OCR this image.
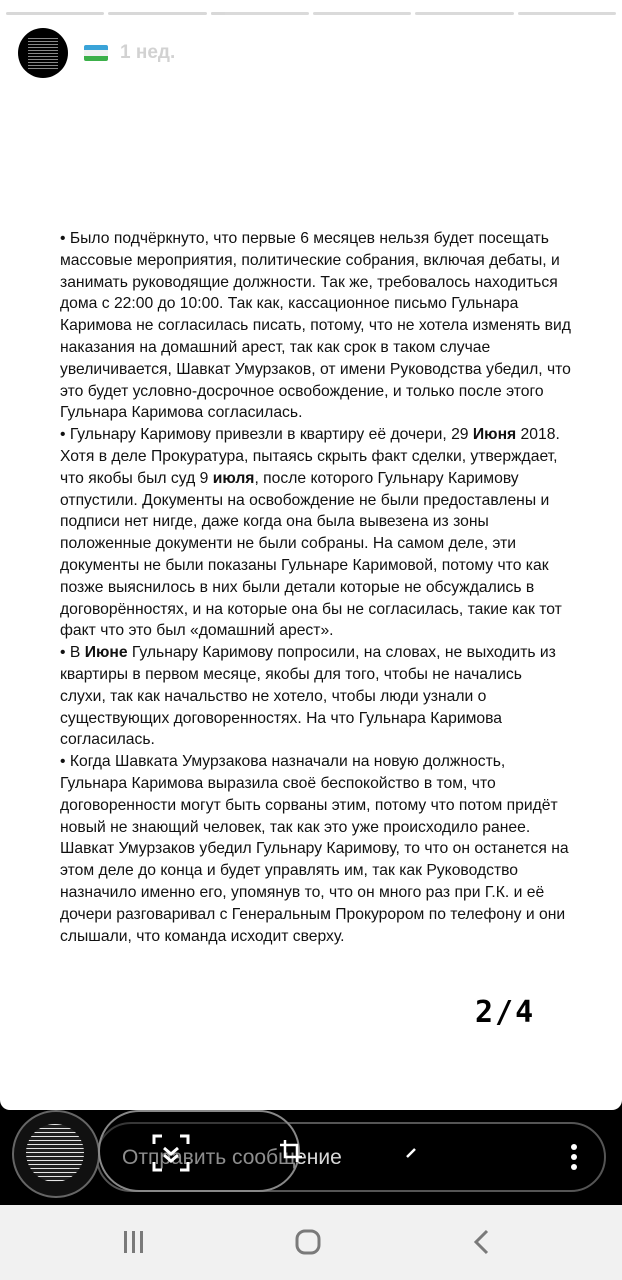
1 нед.

• Было подчёркнуто, что первые 6 месяцев нельзя будет посещать массовые мероприятия, политические собрания, включая дебаты, и занимать руководящие должности. Так же, требовалось находиться дома с 22:00 до 10:00. Так как, кассационное письмо Гульнара Каримова не согласилась писать, потому, что не хотела изменять вид наказания на домашний арест, так как срок в таком случае увеличивается, Шавкат Умурзаков, от имени Руководства убедил, что это будет условно-досрочное освобождение, и только после этого Гульнара Каримова согласилась.

• Гульнару Каримову привезли в квартиру её дочери, 29 Июня 2018. Хотя в деле Прокуратура, пытаясь скрыть факт сделки, утверждает, что якобы был суд 9 июля, после которого Гульнару Каримову отпустили. Документы на освобождение не были предоставлены и подписи нет нигде, даже когда она была вывезена из зоны положенные документи не были собраны. На самом деле, эти документы не были показаны Гульнаре Каримовой, потому что как позже выяснилось в них были детали которые не обсуждались в договорённостях, и на которые она бы не согласилась, такие как тот факт что это был «домашний арест».

• В Июне Гульнару Каримову попросили, на словах, не выходить из квартиры в первом месяце, якобы для того, чтобы не начались слухи, так как начальство не хотело, чтобы люди узнали о существующих договоренностях. На что Гульнара Каримова согласилась.

• Когда Шавката Умурзакова назначали на новую должность, Гульнара Каримова выразила своё беспокойство в том, что договоренности могут быть сорваны этим, потому что потом придёт новый не знающий человек, так как это уже происходило ранее. Шавкат Умурзаков убедил Гульнару Каримову, то что он останется на этом деле до конца и будет управлять им, так как Руководство назначило именно его, упомянув то, что он много раз при Г.К. и её дочери разговаривал с Генеральным Прокурором по телефону и они слышали, что команда исходит сверху.

2/4
Отправить сообщение
